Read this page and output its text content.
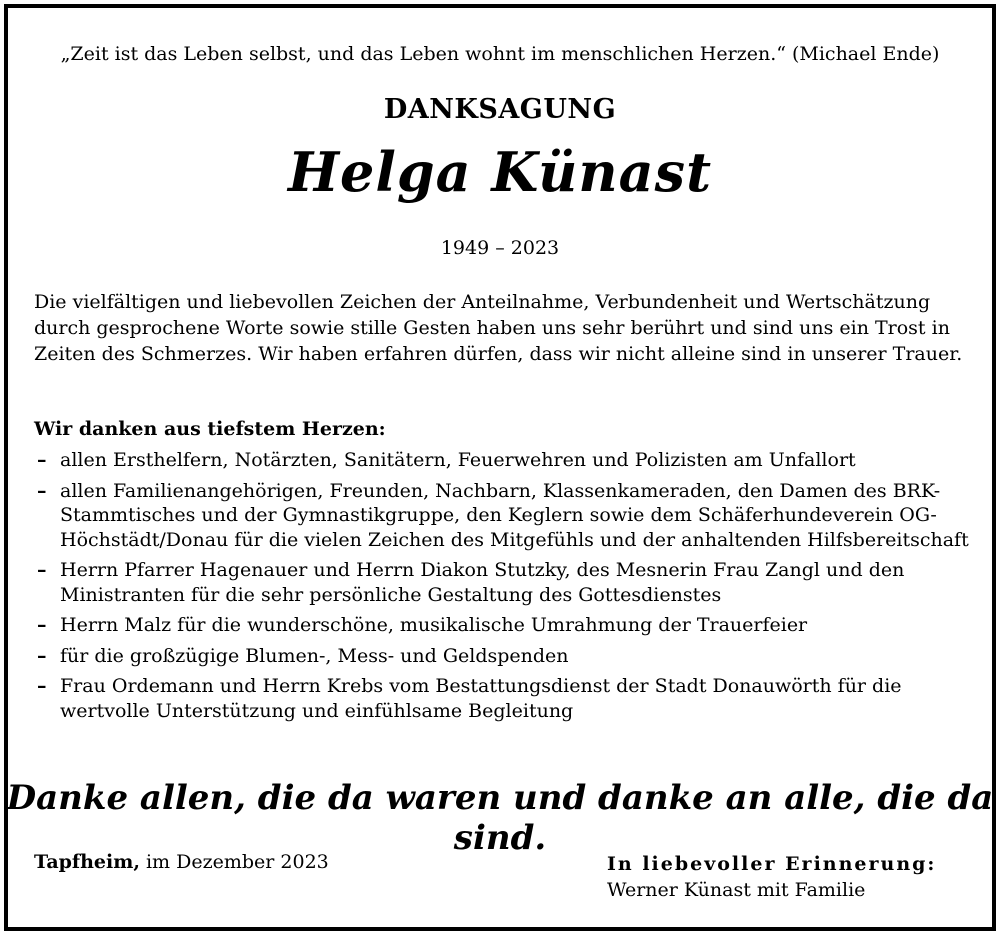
„Zeit ist das Leben selbst, und das Leben wohnt im menschlichen Herzen.“ (Michael Ende)
DANKSAGUNG
Helga Künast
1949 – 2023
Die vielfältigen und liebevollen Zeichen der Anteilnahme, Verbundenheit und Wertschätzung durch gesprochene Worte sowie stille Gesten haben uns sehr berührt und sind uns ein Trost in Zeiten des Schmerzes. Wir haben erfahren dürfen, dass wir nicht alleine sind in unserer Trauer.
Wir danken aus tiefstem Herzen:
– allen Ersthelfern, Notärzten, Sanitätern, Feuerwehren und Polizisten am Unfallort
– allen Familienangehörigen, Freunden, Nachbarn, Klassenkameraden, den Damen des BRK-Stammtisches und der Gymnastikgruppe, den Keglern sowie dem Schäferhundeverein OG-Höchstädt/Donau für die vielen Zeichen des Mitgefühls und der anhaltenden Hilfsbereitschaft
– Herrn Pfarrer Hagenauer und Herrn Diakon Stutzky, des Mesnerin Frau Zangl und den Ministranten für die sehr persönliche Gestaltung des Gottesdienstes
– Herrn Malz für die wunderschöne, musikalische Umrahmung der Trauerfeier
– für die großzügige Blumen-, Mess- und Geldspenden
– Frau Ordemann und Herrn Krebs vom Bestattungsdienst der Stadt Donauwörth für die wertvolle Unterstützung und einfühlsame Begleitung
Danke allen, die da waren und danke an alle, die da sind.
Tapfheim, im Dezember 2023	In liebevoller Erinnerung:
Werner Künast mit Familie
